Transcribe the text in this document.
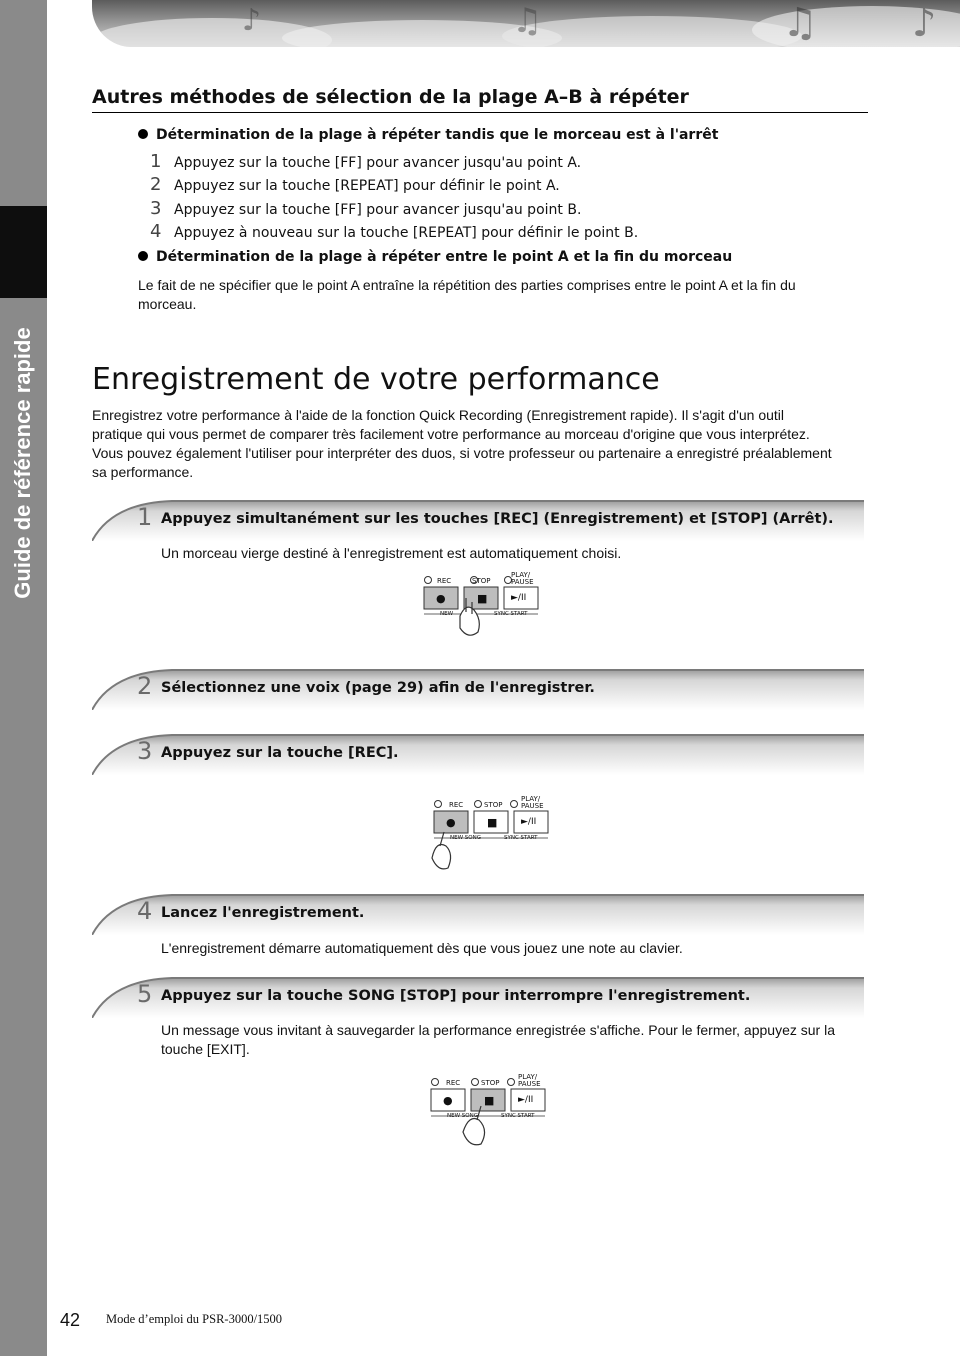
Guide de référence rapide
♪	♫	♫ ♪
Autres méthodes de sélection de la plage A–B à répéter
Détermination de la plage à répéter tandis que le morceau est à l'arrêt
1 Appuyez sur la touche [FF] pour avancer jusqu'au point A.
2 Appuyez sur la touche [REPEAT] pour définir le point A.
3 Appuyez sur la touche [FF] pour avancer jusqu'au point B.
4 Appuyez à nouveau sur la touche [REPEAT] pour définir le point B.
Détermination de la plage à répéter entre le point A et la fin du morceau
Le fait de ne spécifier que le point A entraîne la répétition des parties comprises entre le point A et la fin du
morceau.
Enregistrement de votre performance
Enregistrez votre performance à l'aide de la fonction Quick Recording (Enregistrement rapide). Il s'agit d'un outil
pratique qui vous permet de comparer très facilement votre performance au morceau d'origine que vous interprétez.
Vous pouvez également l'utiliser pour interpréter des duos, si votre professeur ou partenaire a enregistré préalablement
sa performance.
1 Appuyez simultanément sur les touches [REC] (Enregistrement) et [STOP] (Arrêt).
Un morceau vierge destiné à l'enregistrement est automatiquement choisi.
REC	STOP
PLAY/
PAUSE
●	■	►/II
NEW	SYNC START
2 Sélectionnez une voix (page 29) afin de l'enregistrer.
3 Appuyez sur la touche [REC].
REC	STOP
PLAY/
PAUSE
●	■	►/II
NEW SONG	SYNC START
4 Lancez l'enregistrement.
L'enregistrement démarre automatiquement dès que vous jouez une note au clavier.
5 Appuyez sur la touche SONG [STOP] pour interrompre l'enregistrement.
Un message vous invitant à sauvegarder la performance enregistrée s'affiche. Pour le fermer, appuyez sur la
touche [EXIT].
REC	STOP
PLAY/
PAUSE
●	■	►/II
NEW SONG	SYNC START
42 Mode d’emploi du PSR-3000/1500
